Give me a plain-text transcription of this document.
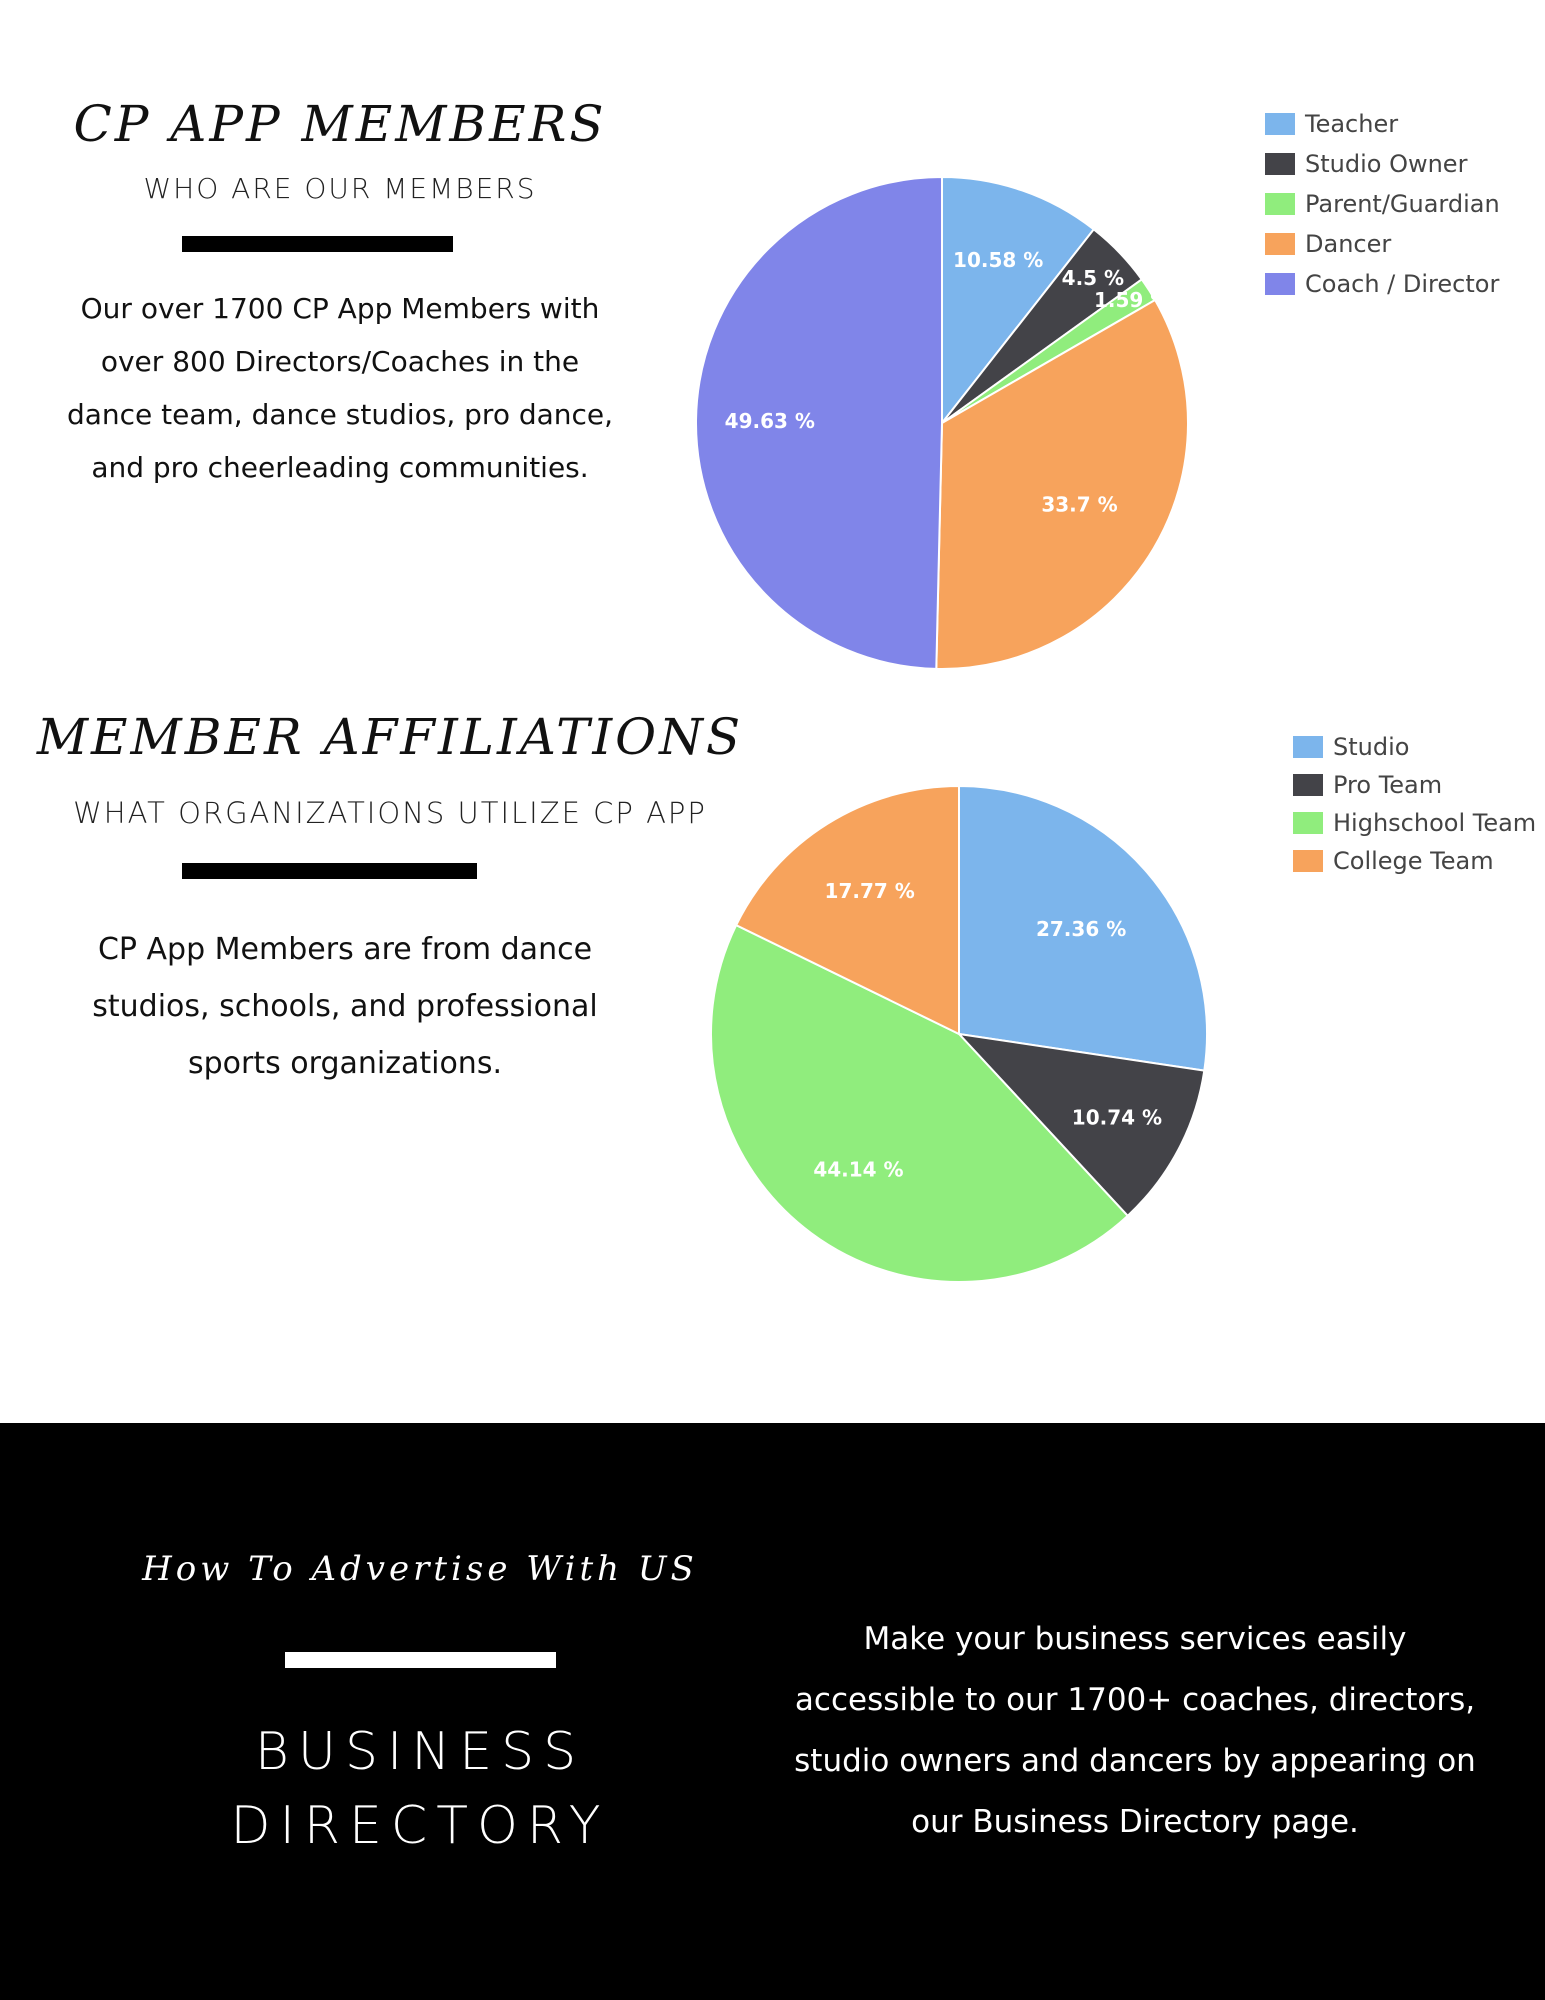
CP APP MEMBERS
WHO ARE OUR MEMBERS
Our over 1700 CP App Members with over 800 Directors/Coaches in the dance team, dance studios, pro dance, and pro cheerleading communities.
10.58 %
4.5 %
1.59 %
33.7 %
49.63 %
Teacher
Studio Owner
Parent/Guardian
Dancer
Coach / Director
MEMBER AFFILIATIONS
WHAT ORGANIZATIONS UTILIZE CP APP
CP App Members are from dance studios, schools, and professional sports organizations.
27.36 %
10.74 %
44.14 %
17.77 %
Studio
Pro Team
Highschool Team
College Team
How To Advertise With US
BUSINESS
DIRECTORY
Make your business services easily accessible to our 1700+ coaches, directors, studio owners and dancers by appearing on our Business Directory page.
